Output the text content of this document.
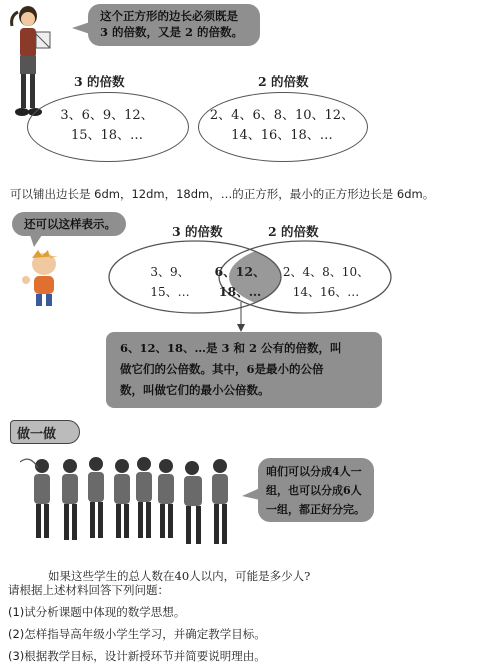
这个正方形的边长必须既是
3 的倍数，又是 2 的倍数。
3 的倍数	2 的倍数
3、6、9、12、
15、18、…
2、4、6、8、10、12、
14、16、18、…
可以铺出边长是 6dm，12dm，18dm，…的正方形，最小的正方形边长是 6dm。
还可以这样表示。	3 的倍数	2 的倍数
3、9、
15、…
6、12、
18、…
2、4、8、10、
14、16、…
6、12、18、…是 3 和 2 公有的倍数，叫
做它们的公倍数。其中，6是最小的公倍
数，叫做它们的最小公倍数。
做一做
咱们可以分成4人一
组，也可以分成6人
一组，都正好分完。
如果这些学生的总人数在40人以内，可能是多少人?
请根据上述材料回答下列问题：
(1)试分析课题中体现的数学思想。
(2)怎样指导高年级小学生学习，并确定教学目标。
(3)根据教学目标，设计新授环节并简要说明理由。
